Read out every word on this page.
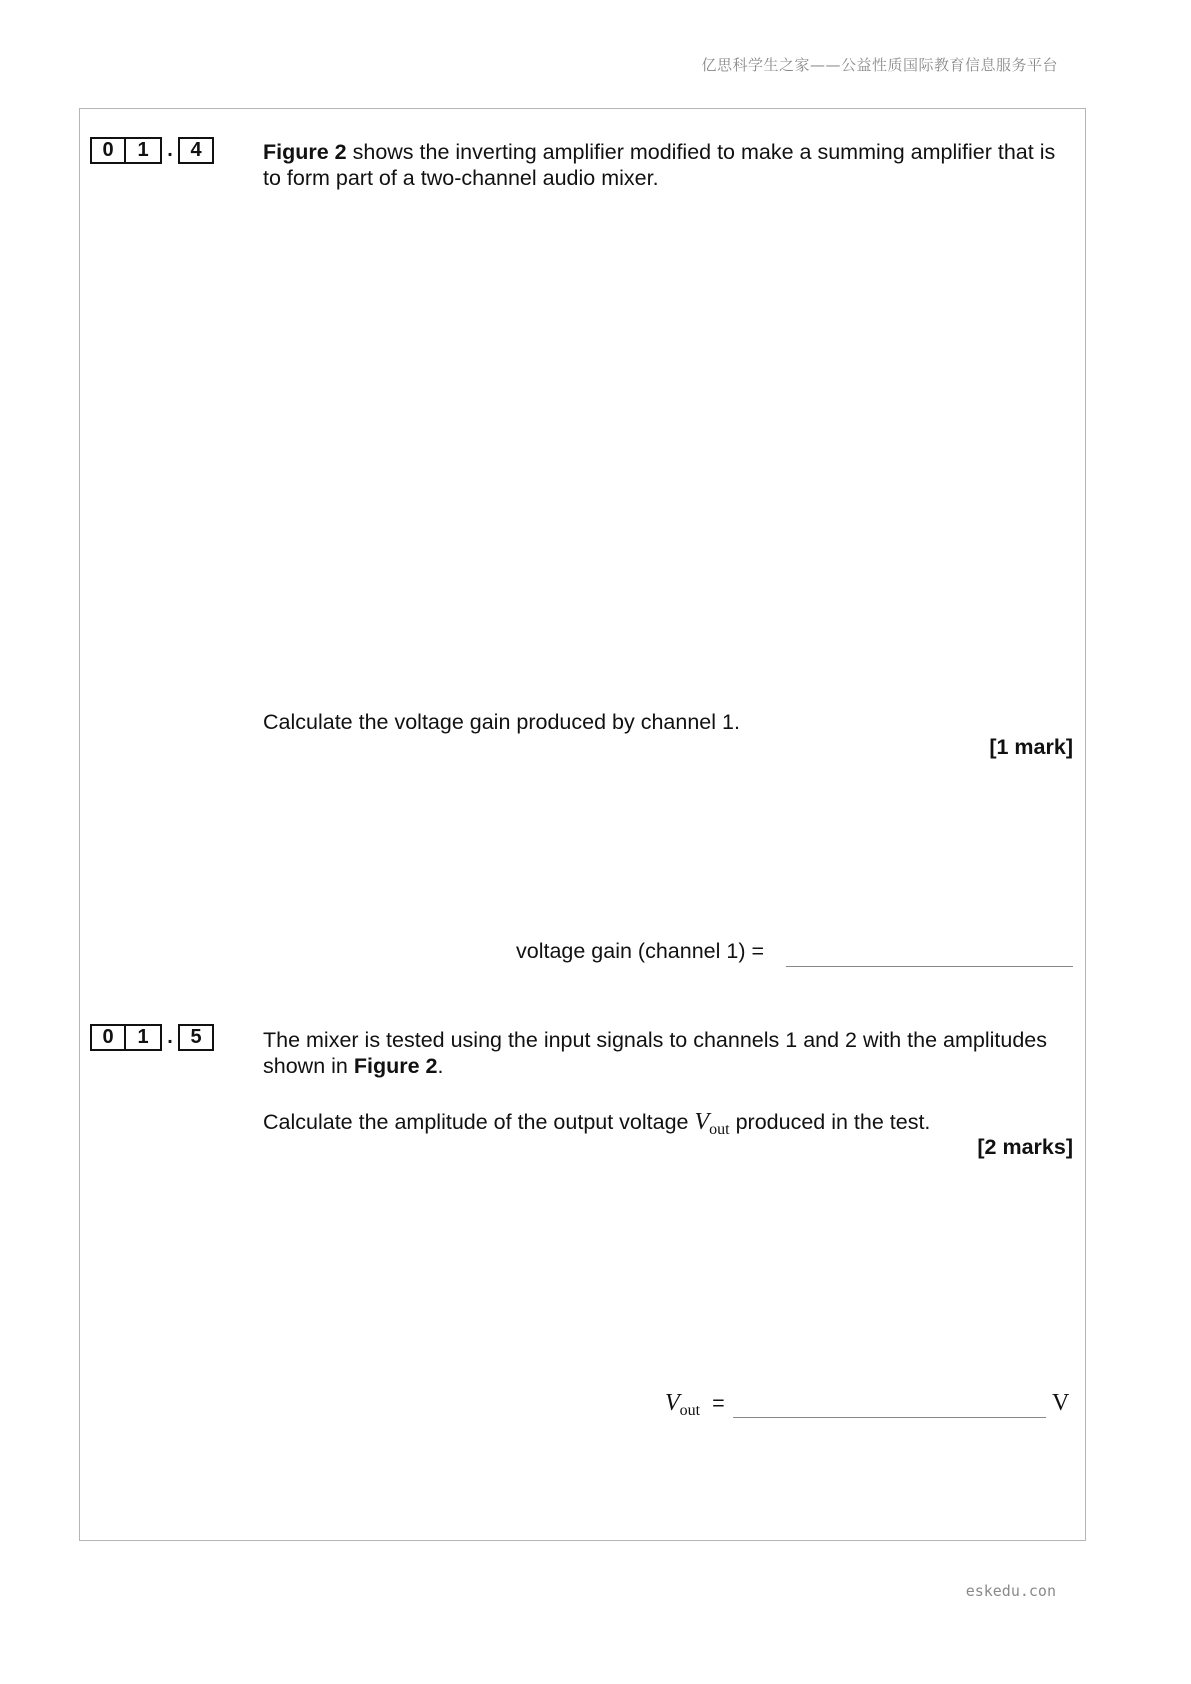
亿思科学生之家——公益性质国际教育信息服务平台
0	1 . 4	Figure 2 shows the inverting amplifier modified to make a summing amplifier that is to form part of a two-channel audio mixer.
Calculate the voltage gain produced by channel 1.
[1 mark]
voltage gain (channel 1) =
0	1 . 5	The mixer is tested using the input signals to channels 1 and 2 with the amplitudes shown in Figure 2.
Calculate the amplitude of the output voltage $V_{out}$ produced in the test.
[2 marks]
$V_{out}$ =	V
eskedu.con
